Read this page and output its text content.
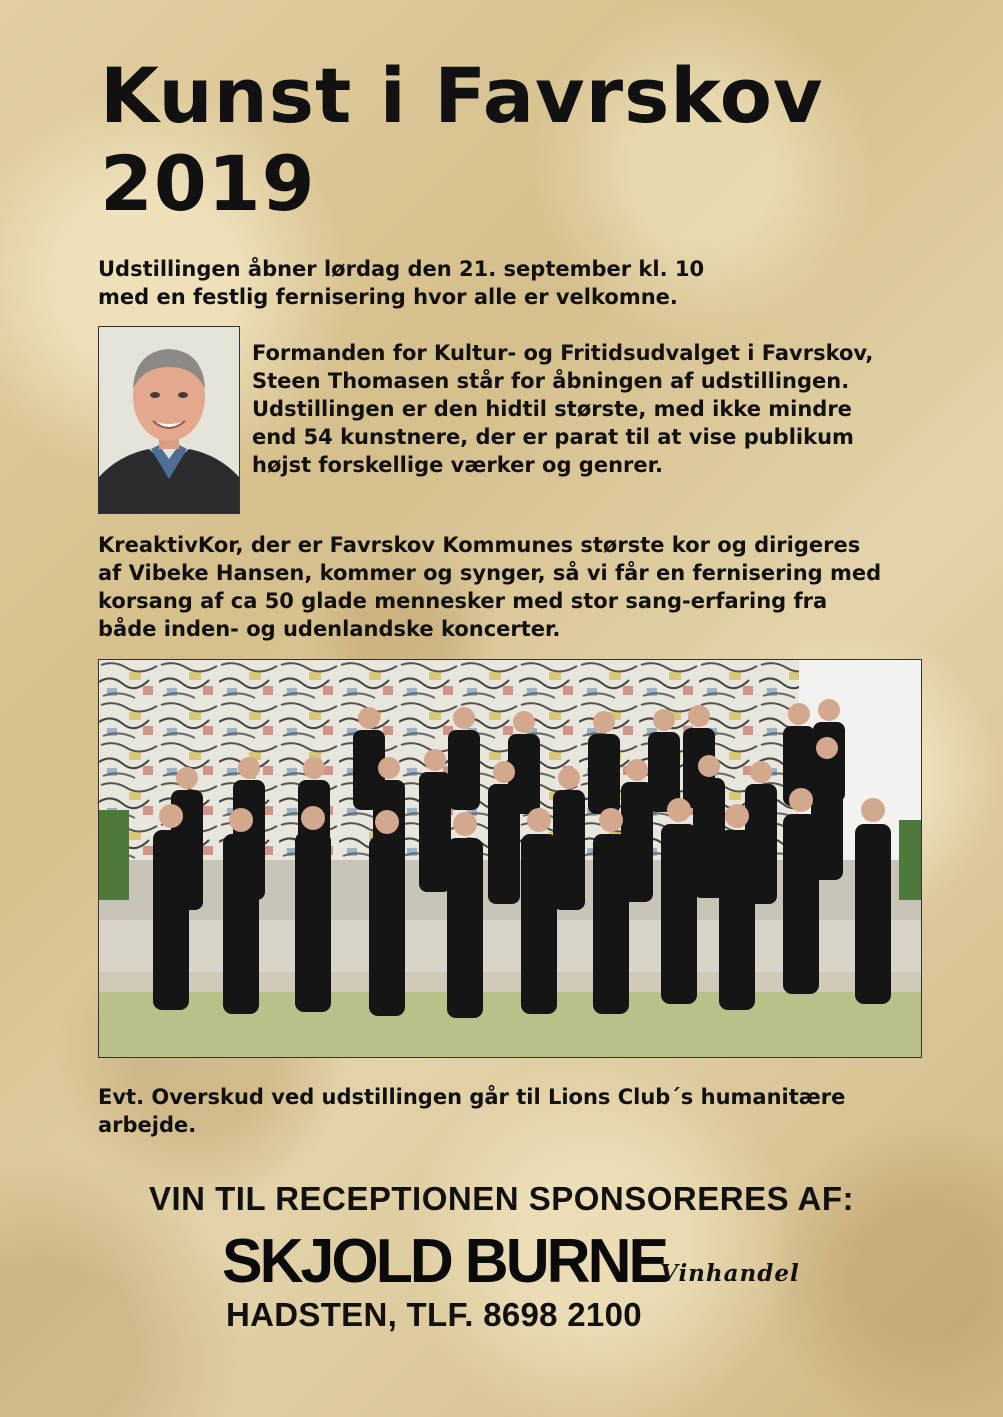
Kunst i Favrskov
2019
Udstillingen åbner lørdag den 21. september kl. 10
med en festlig fernisering hvor alle er velkomne.
Formanden for Kultur- og Fritidsudvalget i Favrskov,
Steen Thomasen står for åbningen af udstillingen.
Udstillingen er den hidtil største, med ikke mindre
end 54 kunstnere, der er parat til at vise publikum
højst forskellige værker og genrer.
KreaktivKor, der er Favrskov Kommunes største kor og dirigeres
af Vibeke Hansen, kommer og synger, så vi får en fernisering med
korsang af ca 50 glade mennesker med stor sang-erfaring fra
både inden- og udenlandske koncerter.
Evt. Overskud ved udstillingen går til Lions Club´s humanitære
arbejde.
VIN TIL RECEPTIONEN SPONSORERES AF:
SKJOLD BURNE
Vinhandel
HADSTEN, TLF. 8698 2100
